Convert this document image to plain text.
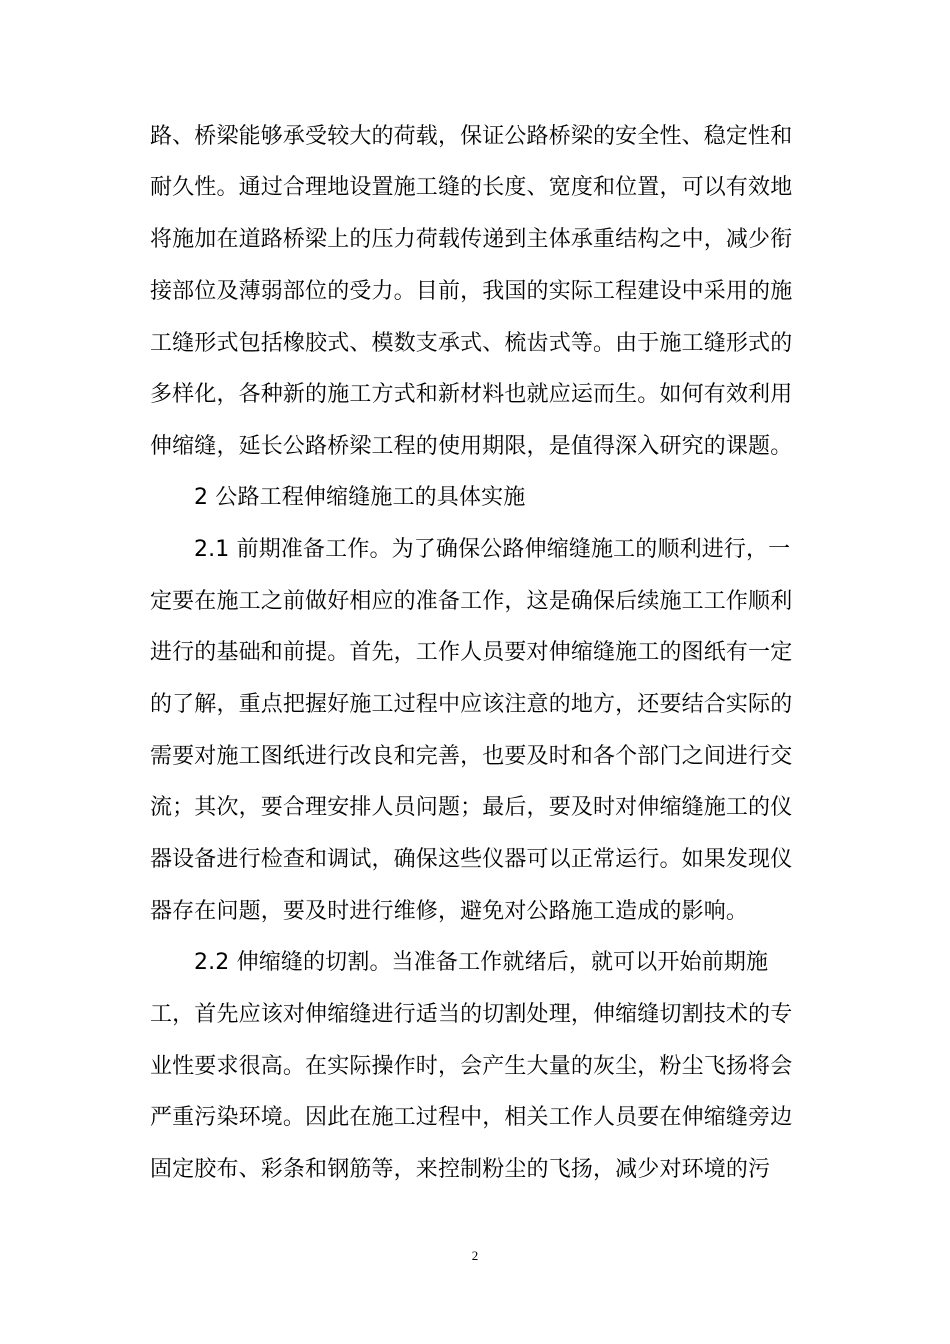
路、桥梁能够承受较大的荷载，保证公路桥梁的安全性、稳定性和
耐久性。通过合理地设置施工缝的长度、宽度和位置，可以有效地
将施加在道路桥梁上的压力荷载传递到主体承重结构之中，减少衔
接部位及薄弱部位的受力。目前，我国的实际工程建设中采用的施
工缝形式包括橡胶式、模数支承式、梳齿式等。由于施工缝形式的
多样化，各种新的施工方式和新材料也就应运而生。如何有效利用
伸缩缝，延长公路桥梁工程的使用期限，是值得深入研究的课题。
2 公路工程伸缩缝施工的具体实施
2.1 前期准备工作。为了确保公路伸缩缝施工的顺利进行，一
定要在施工之前做好相应的准备工作，这是确保后续施工工作顺利
进行的基础和前提。首先，工作人员要对伸缩缝施工的图纸有一定
的了解，重点把握好施工过程中应该注意的地方，还要结合实际的
需要对施工图纸进行改良和完善，也要及时和各个部门之间进行交
流；其次，要合理安排人员问题；最后，要及时对伸缩缝施工的仪
器设备进行检查和调试，确保这些仪器可以正常运行。如果发现仪
器存在问题，要及时进行维修，避免对公路施工造成的影响。
2.2 伸缩缝的切割。当准备工作就绪后，就可以开始前期施
工，首先应该对伸缩缝进行适当的切割处理，伸缩缝切割技术的专
业性要求很高。在实际操作时，会产生大量的灰尘，粉尘飞扬将会
严重污染环境。因此在施工过程中，相关工作人员要在伸缩缝旁边
固定胶布、彩条和钢筋等，来控制粉尘的飞扬，减少对环境的污
2
